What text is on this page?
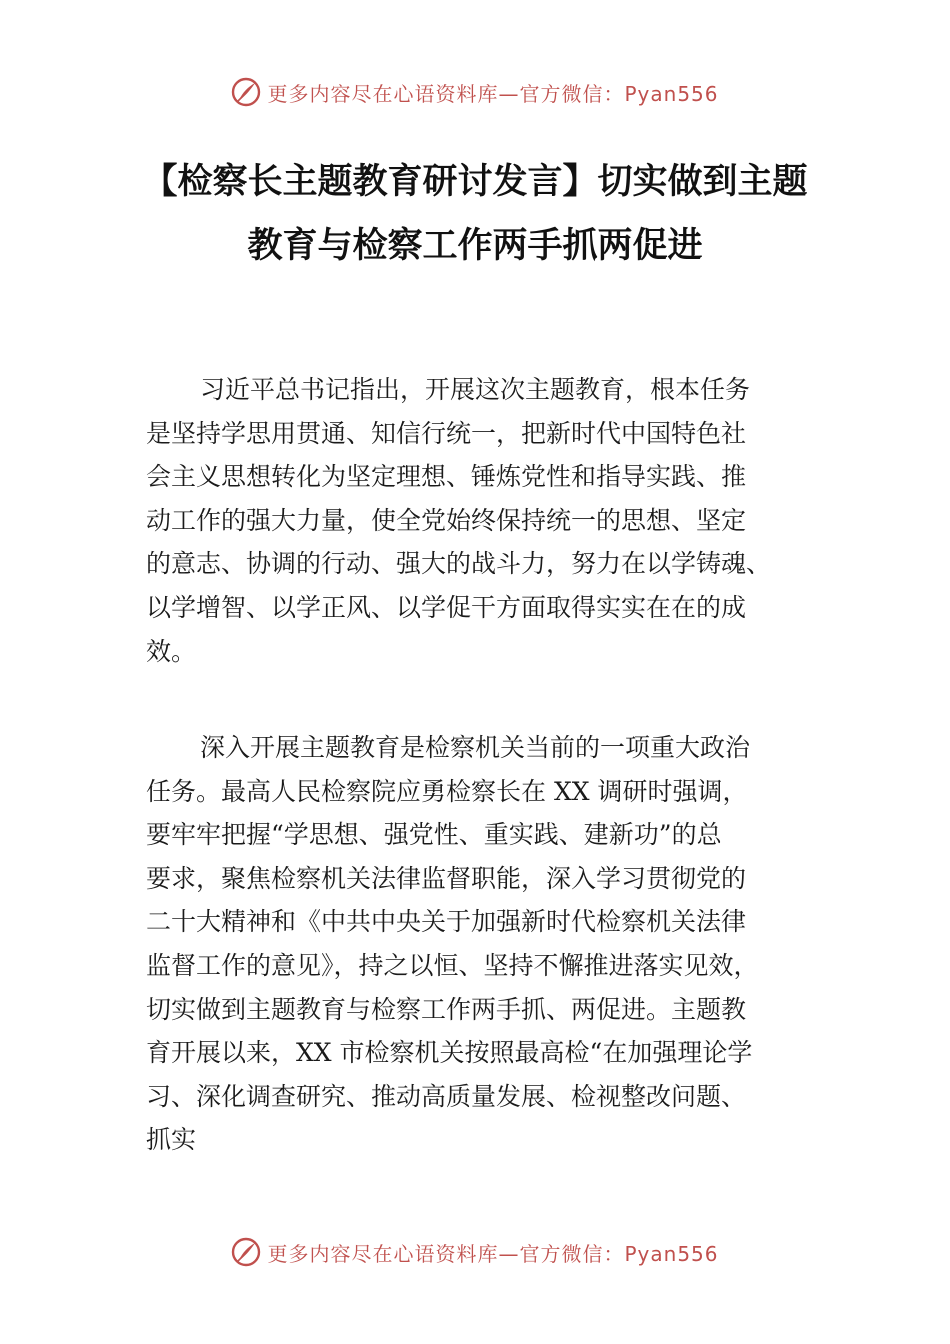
更多内容尽在心语资料库—官方微信：Pyan556
【检察长主题教育研讨发言】切实做到主题
教育与检察工作两手抓两促进
习近平总书记指出，开展这次主题教育，根本任务
是坚持学思用贯通、知信行统一，把新时代中国特色社
会主义思想转化为坚定理想、锤炼党性和指导实践、推
动工作的强大力量，使全党始终保持统一的思想、坚定
的意志、协调的行动、强大的战斗力，努力在以学铸魂、
以学增智、以学正风、以学促干方面取得实实在在的成
效。
深入开展主题教育是检察机关当前的一项重大政治
任务。最高人民检察院应勇检察长在 XX 调研时强调，
要牢牢把握“学思想、强党性、重实践、建新功”的总
要求，聚焦检察机关法律监督职能，深入学习贯彻党的
二十大精神和《中共中央关于加强新时代检察机关法律
监督工作的意见》，持之以恒、坚持不懈推进落实见效，
切实做到主题教育与检察工作两手抓、两促进。主题教
育开展以来，XX 市检察机关按照最高检“在加强理论学
习、深化调查研究、推动高质量发展、检视整改问题、
抓实
更多内容尽在心语资料库—官方微信：Pyan556
